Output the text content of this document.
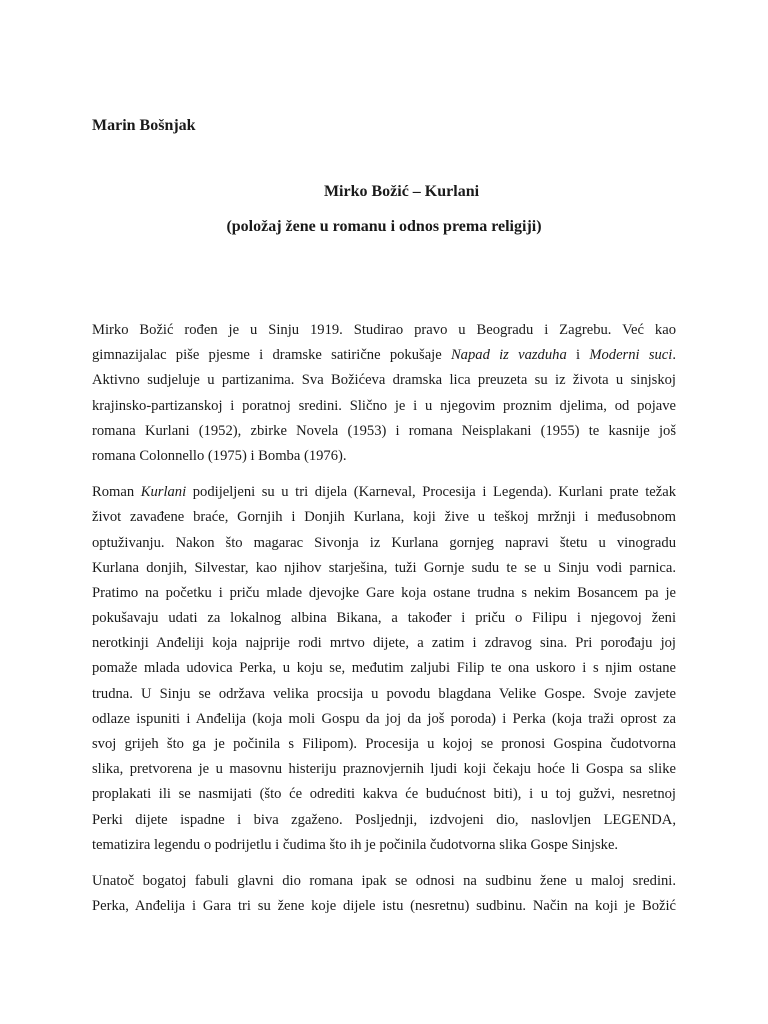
Marin Bošnjak
Mirko Božić – Kurlani
(položaj žene u romanu i odnos prema religiji)
Mirko Božić rođen je u Sinju 1919. Studirao pravo u Beogradu i Zagrebu. Već kao
gimnazijalac piše pjesme i dramske satirične pokušaje Napad iz vazduha i Moderni suci.
Aktivno sudjeluje u partizanima. Sva Božićeva dramska lica preuzeta su iz života u sinjskoj
krajinsko-partizanskoj i poratnoj sredini. Slično je i u njegovim proznim djelima, od pojave
romana Kurlani (1952), zbirke Novela (1953) i romana Neisplakani (1955) te kasnije još
romana Colonnello (1975) i Bomba (1976).
Roman Kurlani podijeljeni su u tri dijela (Karneval, Procesija i Legenda). Kurlani prate težak
život zavađene braće, Gornjih i Donjih Kurlana, koji žive u teškoj mržnji i međusobnom
optuživanju. Nakon što magarac Sivonja iz Kurlana gornjeg napravi štetu u vinogradu
Kurlana donjih, Silvestar, kao njihov starješina, tuži Gornje sudu te se u Sinju vodi parnica.
Pratimo na početku i priču mlade djevojke Gare koja ostane trudna s nekim Bosancem pa je
pokušavaju udati za lokalnog albina Bikana, a također i priču o Filipu i njegovoj ženi
nerotkinji Anđeliji koja najprije rodi mrtvo dijete, a zatim i zdravog sina. Pri porođaju joj
pomaže mlada udovica Perka, u koju se, međutim zaljubi Filip te ona uskoro i s njim ostane
trudna. U Sinju se održava velika procsija u povodu blagdana Velike Gospe. Svoje zavjete
odlaze ispuniti i Anđelija (koja moli Gospu da joj da još poroda) i Perka (koja traži oprost za
svoj grijeh što ga je počinila s Filipom). Procesija u kojoj se pronosi Gospina čudotvorna
slika, pretvorena je u masovnu histeriju praznovjernih ljudi koji čekaju hoće li Gospa sa slike
proplakati ili se nasmijati (što će odrediti kakva će budućnost biti), i u toj gužvi, nesretnoj
Perki dijete ispadne i biva zgaženo. Posljednji, izdvojeni dio, naslovljen LEGENDA,
tematizira legendu o podrijetlu i čudima što ih je počinila čudotvorna slika Gospe Sinjske.
Unatoč bogatoj fabuli glavni dio romana ipak se odnosi na sudbinu žene u maloj sredini.
Perka, Anđelija i Gara tri su žene koje dijele istu (nesretnu) sudbinu. Način na koji je Božić
